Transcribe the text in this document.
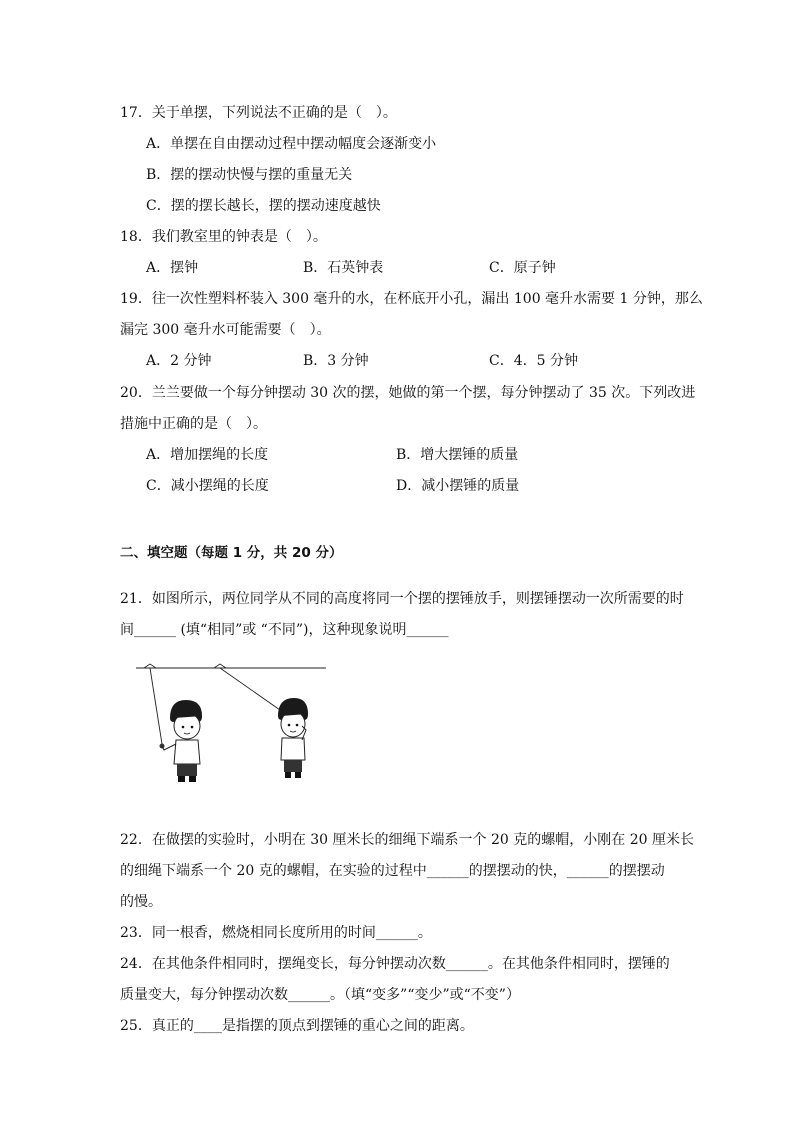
17．关于单摆，下列说法不正确的是（　）。
A．单摆在自由摆动过程中摆动幅度会逐渐变小
B．摆的摆动快慢与摆的重量无关
C．摆的摆长越长，摆的摆动速度越快
18．我们教室里的钟表是（　）。
A．摆钟	B．石英钟表	C．原子钟
19．往一次性塑料杯装入 300 毫升的水，在杯底开小孔，漏出 100 毫升水需要 1 分钟，那么
漏完 300 毫升水可能需要（　）。
A．2 分钟	B．3 分钟	C．4．5 分钟
20．兰兰要做一个每分钟摆动 30 次的摆，她做的第一个摆，每分钟摆动了 35 次。下列改进
措施中正确的是（　）。
A．增加摆绳的长度	B．增大摆锤的质量
C．减小摆绳的长度	D．减小摆锤的质量
二、填空题（每题 1 分，共 20 分）
21．如图所示，两位同学从不同的高度将同一个摆的摆锤放手，则摆锤摆动一次所需要的时
间______ (填“相同”或 “不同”)，这种现象说明______
22．在做摆的实验时，小明在 30 厘米长的细绳下端系一个 20 克的螺帽，小刚在 20 厘米长
的细绳下端系一个 20 克的螺帽，在实验的过程中______的摆摆动的快，______的摆摆动
的慢。
23．同一根香，燃烧相同长度所用的时间______。
24．在其他条件相同时，摆绳变长，每分钟摆动次数______。在其他条件相同时，摆锤的
质量变大，每分钟摆动次数______。（填“变多”“变少”或“不变”）
25．真正的____是指摆的顶点到摆锤的重心之间的距离。
